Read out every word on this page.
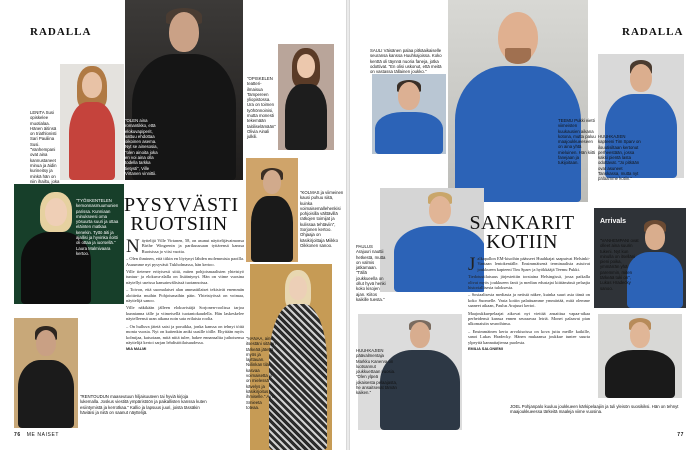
RADALLA
LENITA Susi opiskelee muotialaa. Hänen äitinsä on triathlonisti Sari Pauliina Susi. "Vanhempani ovat aina kannustaneet minua ja äidin kurineitsy ja minkä hän on niin ihailtu, joka
"OLEN aina romantikko, että elokuvapiperit, sattuu ehdottaa oikoinen asema. Nyt se ainesosia, "olen ainoita joka en voi aina olla todella tarkka tietysti", Ville Virtanen vinnittii.
"OPISKELEN teatteri-ilmaisua Tampereen yliopistossa. Ura on toimen työhönnoinisi, mutta monesti tekemään taitiliselämään" Olivia Ainali julkili.
"TYÖSKENTELEN kemonnasmuumunien parissa. Kunniaan minukseesi oma yösuurta suuri ja ottaa eläinten matkaa kenekin. Tyttö äiti ja ajallisi ja hyvinka iloitti oli ottaa ja iuorsellä." Laura Malmivaara kertoo.
PYSYVÄSTI
RUOTSIIN

Näyttelijä Ville Virtanen, 58, on asunut näyttelijävaimonsa Birthe Wingrenin ja parikuussaan tyttärensä kanssa Ruotsissa jo viisi vuotta.

– Olen ihminen, että tiikin en löytynyt lähden molemmista paoilla. Asuumme nyt pysyvästi Tukholmassa, hän kertoo.

Ville tietenee erityisesti siitä, miten pohjoismaalisten yhteistyö tuntuu- ja elokuva-alalla on lisääntynyt. Hän on viime vuosina näytellyt useissa kansainvälisissä tuotannoissa.

– Toivon, että suomalaiset alan ammattilaiset tekisivät enemmän aloitteita muihin Pohjoismaihin päin. Yhteistyössä on voimaa, näyttelijä sanoo.

Ville näkikään jälleen elokuvistäjä Sorjonen-roolissa tarjoa kunnianna tälle ja viimeisellä tuotantokaudella. Hän laskeskelee näytelleensä uran aikana noin sata erilaista roolia.

– On hulluva jätetä saisi ja poruikka, jonka kanssa on tehnyt töitä monia vuosia. Nyt on kuitenkin aniki uusille töille. Ehyitään myös kolmijaa, katsotaan, mitä niitä tulee, hakee ennansaltta juthoisensa näyttelijä kertoi sarjan lehdistötilaisuudessa.

MIA MALMI

"KOLMAS ja viimeinen kausi puhuu siitä, kuinka voimaisemallehenkisi pohjoisilla välttävillä ratkojen toimijat ja kulissaa tehtäviin", Sorjonen kertoo. Ohjaaja on käsikirjoittaja Miikko Oikkonen sanoo.
"HANAA, aino itsestäni sitä on tärkeää jätettä myös ja lajittauan. Niilinkan tila kasvaa voimaisetta jo on mielessä kävelys ja käsikirjoitus ihmiselle." Aino Smieeta toteaa.
"RENTOUDUN maaseutuun hiljaisuuteen tai hyviä kirjoja lukemalla. Joskus viestitä ympäristöön ja paikallisten kanssa kuten esiintymistä ja kerrotkaa." Kallio ja lapsuus juuri, joista tässäkin häviäisi ja niitä on saanut näyttelijä.
76 ME NAISET
RADALLA
SAULI Väisänen palaa pitkäaikaiselle seuransa kanssa Huuhkajoissa. Koko kenttä oli täynnä nuoria faneja, jotka odottivat. "En olisi uskonut, että meitä on vastassa tällainen joukko."
TEEMU Pukki vietti viimeisten kuukausien aikana kotona, mutta paluu maajoukkueeseen on aina yhtä mieluinen. Hän kiitti fanejaan ja tukijoitaan.
HUUHKAJIEN kapteeni Tim Sparv on ilouutisiltaan kertonut perheestään, jossa kaksi pientä lasta odottavat. "Jo pitkään ovat asuneet Tanskassa, mutta nyt palaamme kotiin."
PAULUS Arajuuri nauttii hetkestä, mutta on valmis jatkamaan. "Tällä joukkueella on ollut hyvä henki koko kisojen ajan. Kiitos kaikille tuesta."
SANKARIT
KOTIIN

Jalkapallon EM-kisoihin päässeet Huuhkajat saapuivat Helsinki-Vantaan lentokentälle. Ensimmäisenä terminaalista astuivat joukkueen kapteeni Tim Sparv ja hyökkääjä Teemu Pukki.

Tiedotustilaisuus järjestettiin torstaina Helsingissä, jossa paikalla olivat myös joukkueen fanit ja median edustajat kiittämässä pelaajia historiallisesta tuloksesta.

– Sosiaalisesta mediasta ja netistä näkee, kuinka suuri asia tämä on koko Suomelle. Vasta kotiin palattuamme ymmärtää, mitä olemme saaneet aikaan, Paulus Arajuuri kertoi.

Maajoukkuepelaajat aikovat nyt viettää ansaittua vapaa-aikaa perheidensä kanssa ennen seuraavaa leiriä. Monet palaavat pian ulkomaisiin seuroihinsa.

– Ensimmäinen kerta arvokisoissa on kova juttu meille kaikille, sanoi Lukas Hradecky. Hänen mukaansa joukkue tuntee suurta ylpeyttä kannattajiensa puolesta.

EMILIA SALONIEMI

Arrivals
"VANHEMPANI ovat olleet aina suurin tukeni. Nyt kun minulla on itselläni pieni poika, ymmärrän yhä paremmin, miten tärkeää tuki on", Lukas Hradecky sanoo.
HUUHKAJIEN päävalmentaja Markku Kanerva on luotsannut joukkuettaan vuosia. "Olen ylpeä jokaisesta pelaajasta, he ansaitsevat tämän kaiken."
JOEL Pohjanpalo kuuluu joukkueen kärkipelaajiin ja tuli yleisön suosikiksi. Hän on tehnyt maajoukkueessa tärkeitä maaleja viime vuosina.
77
